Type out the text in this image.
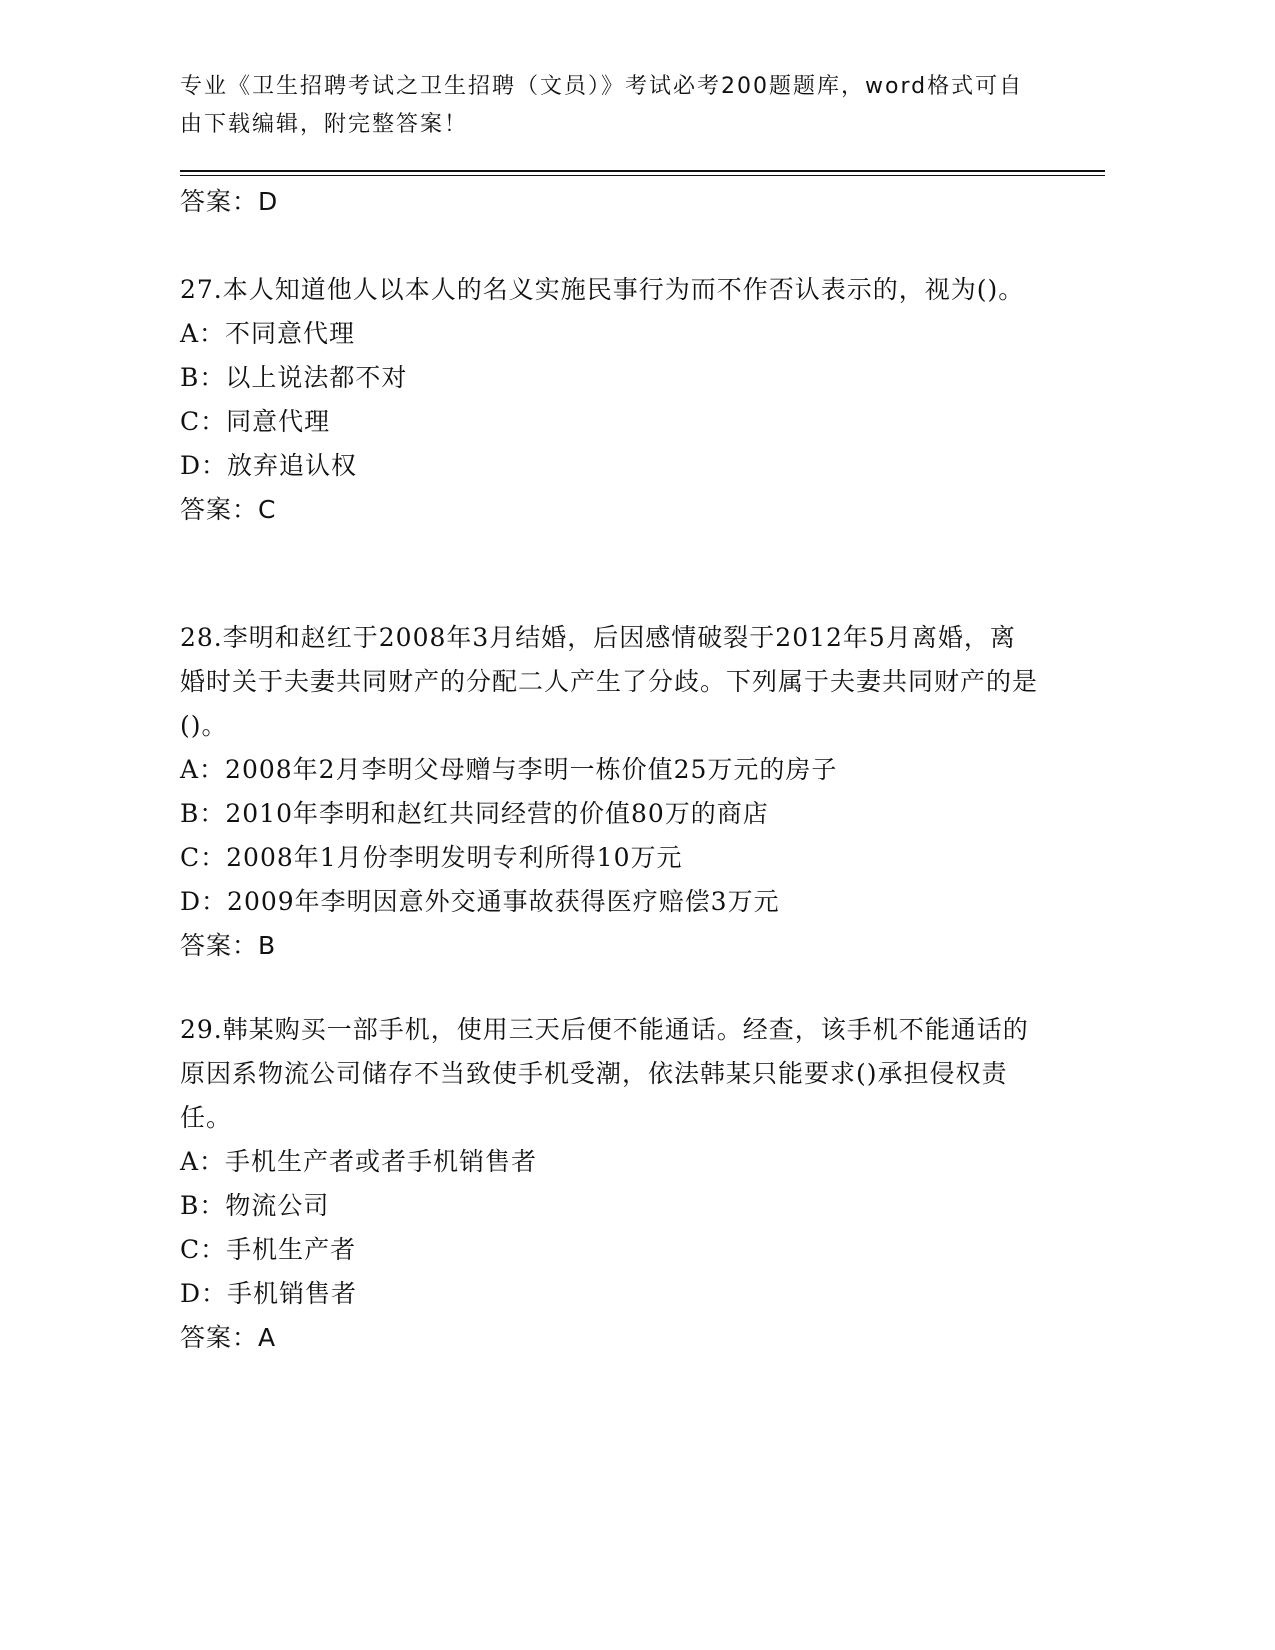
专业《卫生招聘考试之卫生招聘（文员）》考试必考200题题库，word格式可自由下载编辑，附完整答案！
答案：D
27.本人知道他人以本人的名义实施民事行为而不作否认表示的，视为()。
A：不同意代理
B：以上说法都不对
C：同意代理
D：放弃追认权
答案：C
28.李明和赵红于2008年3月结婚，后因感情破裂于2012年5月离婚，离婚时关于夫妻共同财产的分配二人产生了分歧。下列属于夫妻共同财产的是()。
A：2008年2月李明父母赠与李明一栋价值25万元的房子
B：2010年李明和赵红共同经营的价值80万的商店
C：2008年1月份李明发明专利所得10万元
D：2009年李明因意外交通事故获得医疗赔偿3万元
答案：B
29.韩某购买一部手机，使用三天后便不能通话。经查，该手机不能通话的原因系物流公司储存不当致使手机受潮，依法韩某只能要求()承担侵权责任。
A：手机生产者或者手机销售者
B：物流公司
C：手机生产者
D：手机销售者
答案：A
